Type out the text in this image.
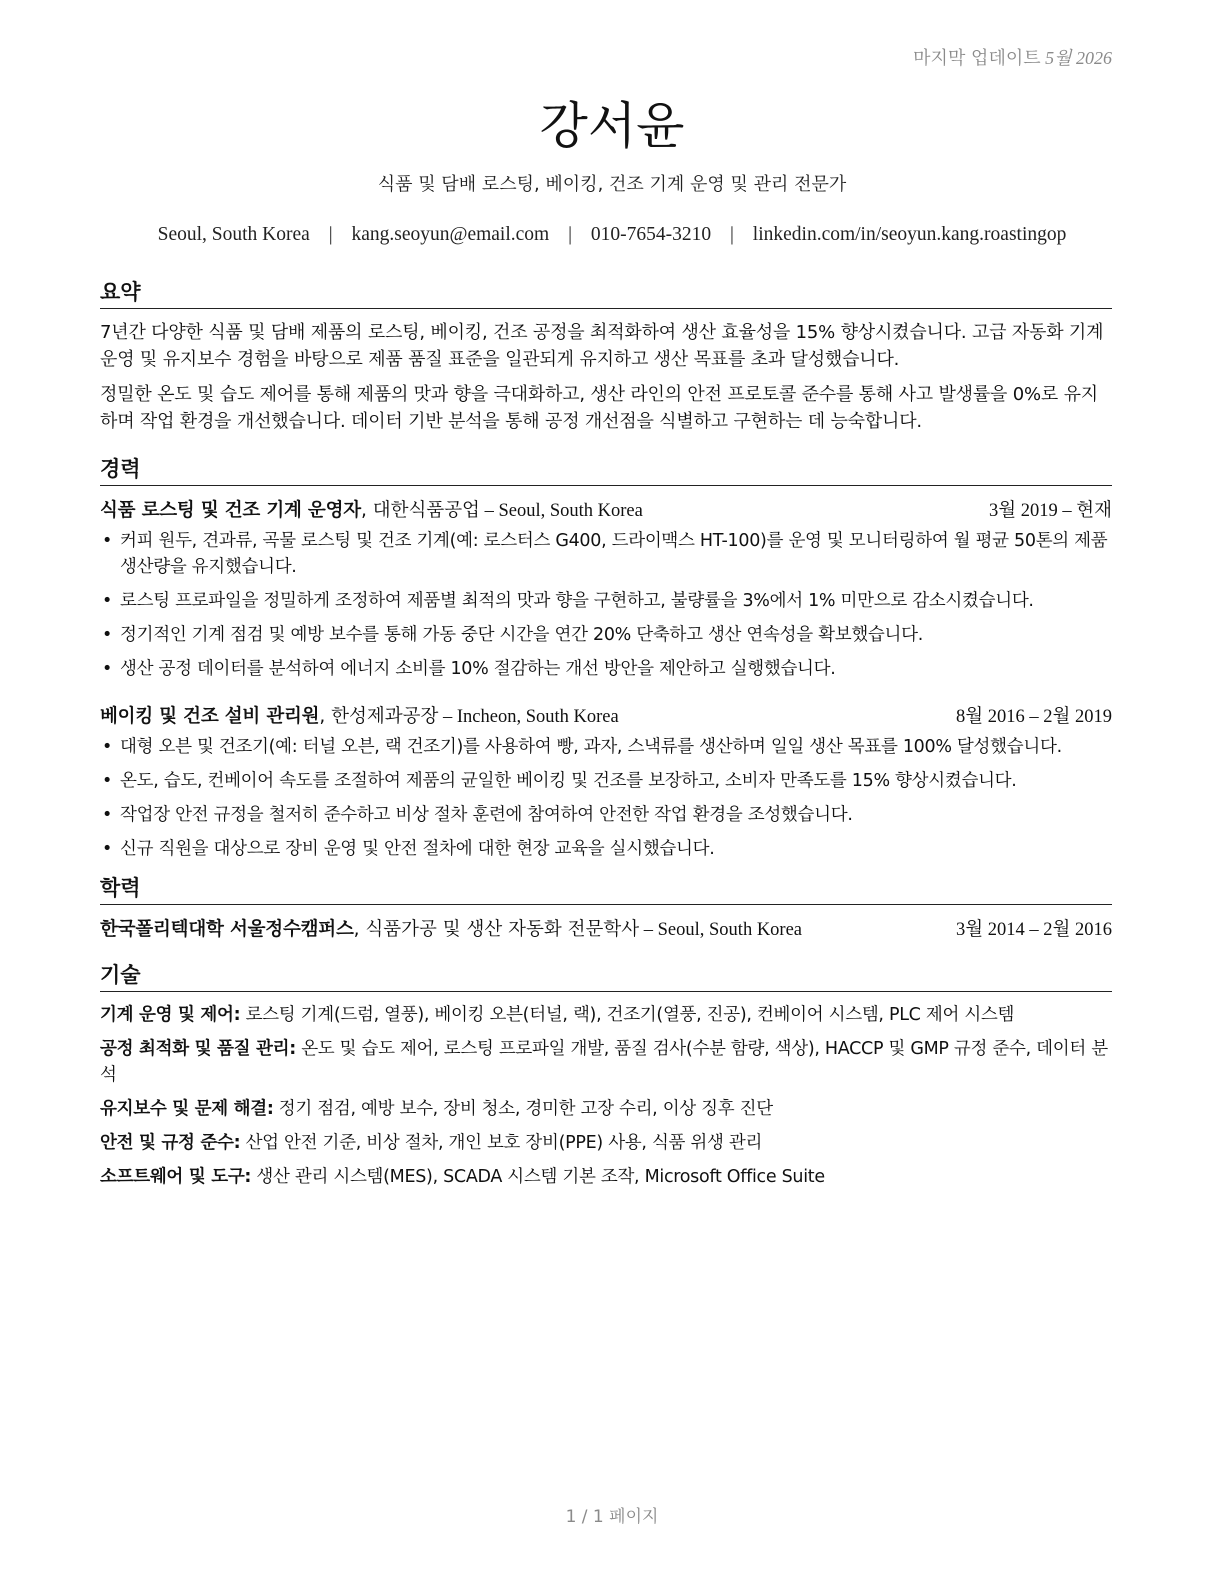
마지막 업데이트 5월 2026
강서윤
식품 및 담배 로스팅, 베이킹, 건조 기계 운영 및 관리 전문가
Seoul, South Korea | kang.seoyun@email.com | 010-7654-3210 | linkedin.com/in/seoyun.kang.roastingop
요약

7년간 다양한 식품 및 담배 제품의 로스팅, 베이킹, 건조 공정을 최적화하여 생산 효율성을 15% 향상시켰습니다. 고급 자동화 기계 운영 및 유지보수 경험을 바탕으로 제품 품질 표준을 일관되게 유지하고 생산 목표를 초과 달성했습니다.

정밀한 온도 및 습도 제어를 통해 제품의 맛과 향을 극대화하고, 생산 라인의 안전 프로토콜 준수를 통해 사고 발생률을 0%로 유지하며 작업 환경을 개선했습니다. 데이터 기반 분석을 통해 공정 개선점을 식별하고 구현하는 데 능숙합니다.

경력
식품 로스팅 및 건조 기계 운영자, 대한식품공업 – Seoul, South Korea	3월 2019 – 현재
• 커피 원두, 견과류, 곡물 로스팅 및 건조 기계(예: 로스터스 G400, 드라이맥스 HT-100)를 운영 및 모니터링하여 월 평균 50톤의 제품 생산량을 유지했습니다.
• 로스팅 프로파일을 정밀하게 조정하여 제품별 최적의 맛과 향을 구현하고, 불량률을 3%에서 1% 미만으로 감소시켰습니다.
• 정기적인 기계 점검 및 예방 보수를 통해 가동 중단 시간을 연간 20% 단축하고 생산 연속성을 확보했습니다.
• 생산 공정 데이터를 분석하여 에너지 소비를 10% 절감하는 개선 방안을 제안하고 실행했습니다.
베이킹 및 건조 설비 관리원, 한성제과공장 – Incheon, South Korea	8월 2016 – 2월 2019
• 대형 오븐 및 건조기(예: 터널 오븐, 랙 건조기)를 사용하여 빵, 과자, 스낵류를 생산하며 일일 생산 목표를 100% 달성했습니다.
• 온도, 습도, 컨베이어 속도를 조절하여 제품의 균일한 베이킹 및 건조를 보장하고, 소비자 만족도를 15% 향상시켰습니다.
• 작업장 안전 규정을 철저히 준수하고 비상 절차 훈련에 참여하여 안전한 작업 환경을 조성했습니다.
• 신규 직원을 대상으로 장비 운영 및 안전 절차에 대한 현장 교육을 실시했습니다.
학력
한국폴리텍대학 서울정수캠퍼스, 식품가공 및 생산 자동화 전문학사 – Seoul, South Korea	3월 2014 – 2월 2016
기술
기계 운영 및 제어: 로스팅 기계(드럼, 열풍), 베이킹 오븐(터널, 랙), 건조기(열풍, 진공), 컨베이어 시스템, PLC 제어 시스템
공정 최적화 및 품질 관리: 온도 및 습도 제어, 로스팅 프로파일 개발, 품질 검사(수분 함량, 색상), HACCP 및 GMP 규정 준수, 데이터 분석
유지보수 및 문제 해결: 정기 점검, 예방 보수, 장비 청소, 경미한 고장 수리, 이상 징후 진단
안전 및 규정 준수: 산업 안전 기준, 비상 절차, 개인 보호 장비(PPE) 사용, 식품 위생 관리
소프트웨어 및 도구: 생산 관리 시스템(MES), SCADA 시스템 기본 조작, Microsoft Office Suite
1 / 1 페이지
